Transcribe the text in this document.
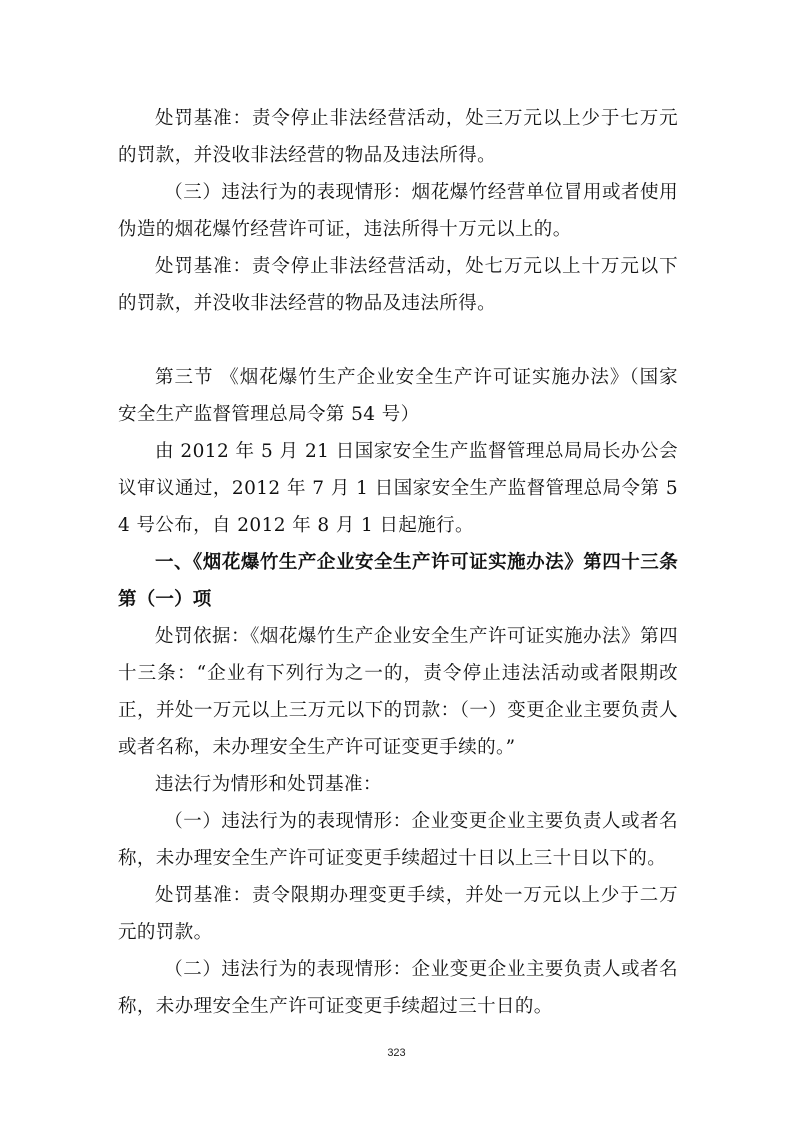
处罚基准：责令停止非法经营活动，处三万元以上少于七万元的罚款，并没收非法经营的物品及违法所得。

（三）违法行为的表现情形：烟花爆竹经营单位冒用或者使用伪造的烟花爆竹经营许可证，违法所得十万元以上的。

处罚基准：责令停止非法经营活动，处七万元以上十万元以下的罚款，并没收非法经营的物品及违法所得。

第三节 《烟花爆竹生产企业安全生产许可证实施办法》（国家安全生产监督管理总局令第 54 号）

由 2012 年 5 月 21 日国家安全生产监督管理总局局长办公会议审议通过，2012 年 7 月 1 日国家安全生产监督管理总局令第 54 号公布，自 2012 年 8 月 1 日起施行。

一、《烟花爆竹生产企业安全生产许可证实施办法》第四十三条第（一）项

处罚依据：《烟花爆竹生产企业安全生产许可证实施办法》第四十三条：“企业有下列行为之一的，责令停止违法活动或者限期改正，并处一万元以上三万元以下的罚款：（一）变更企业主要负责人或者名称，未办理安全生产许可证变更手续的。”

违法行为情形和处罚基准：

（一）违法行为的表现情形：企业变更企业主要负责人或者名称，未办理安全生产许可证变更手续超过十日以上三十日以下的。

处罚基准：责令限期办理变更手续，并处一万元以上少于二万元的罚款。

（二）违法行为的表现情形：企业变更企业主要负责人或者名称，未办理安全生产许可证变更手续超过三十日的。

323
